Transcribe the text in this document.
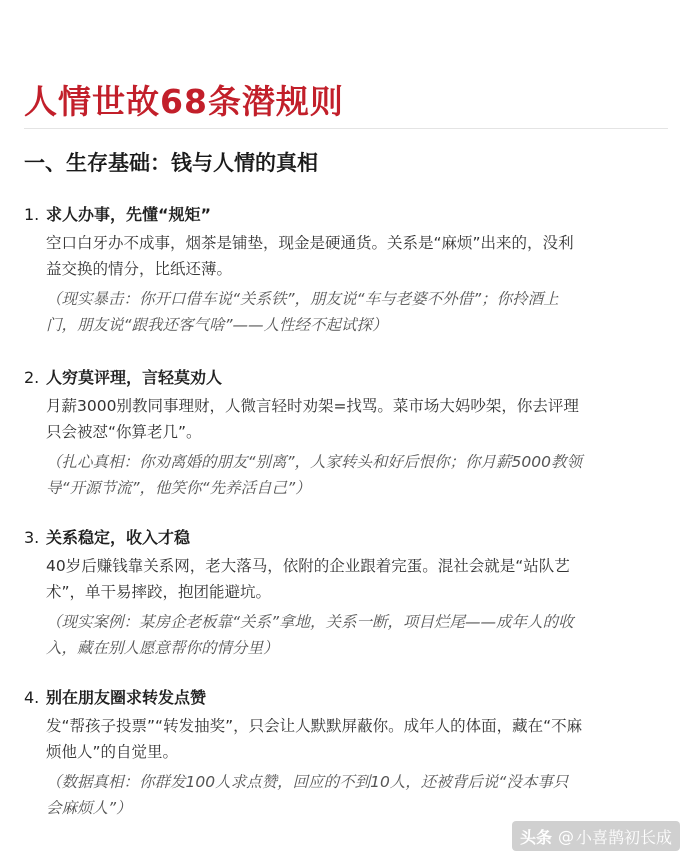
人情世故68条潜规则
一、生存基础：钱与人情的真相
1. 求人办事，先懂“规矩”
空口白牙办不成事，烟茶是铺垫，现金是硬通货。关系是“麻烦”出来的，没利
益交换的情分，比纸还薄。
（现实暴击：你开口借车说“关系铁”，朋友说“车与老婆不外借”；你拎酒上
门，朋友说“跟我还客气啥”——人性经不起试探）
2. 人穷莫评理，言轻莫劝人
月薪3000别教同事理财，人微言轻时劝架=找骂。菜市场大妈吵架，你去评理
只会被怼“你算老几”。
（扎心真相：你劝离婚的朋友“别离”，人家转头和好后恨你；你月薪5000教领
导“开源节流”，他笑你“先养活自己”）
3. 关系稳定，收入才稳
40岁后赚钱靠关系网，老大落马，依附的企业跟着完蛋。混社会就是“站队艺
术”，单干易摔跤，抱团能避坑。
（现实案例：某房企老板靠“关系”拿地，关系一断，项目烂尾——成年人的收
入，藏在别人愿意帮你的情分里）
4. 别在朋友圈求转发点赞
发“帮孩子投票”“转发抽奖”，只会让人默默屏蔽你。成年人的体面，藏在“不麻
烦他人”的自觉里。
（数据真相：你群发100人求点赞，回应的不到10人，还被背后说“没本事只
会麻烦人”）
头条 @ 小喜鹊初长成
